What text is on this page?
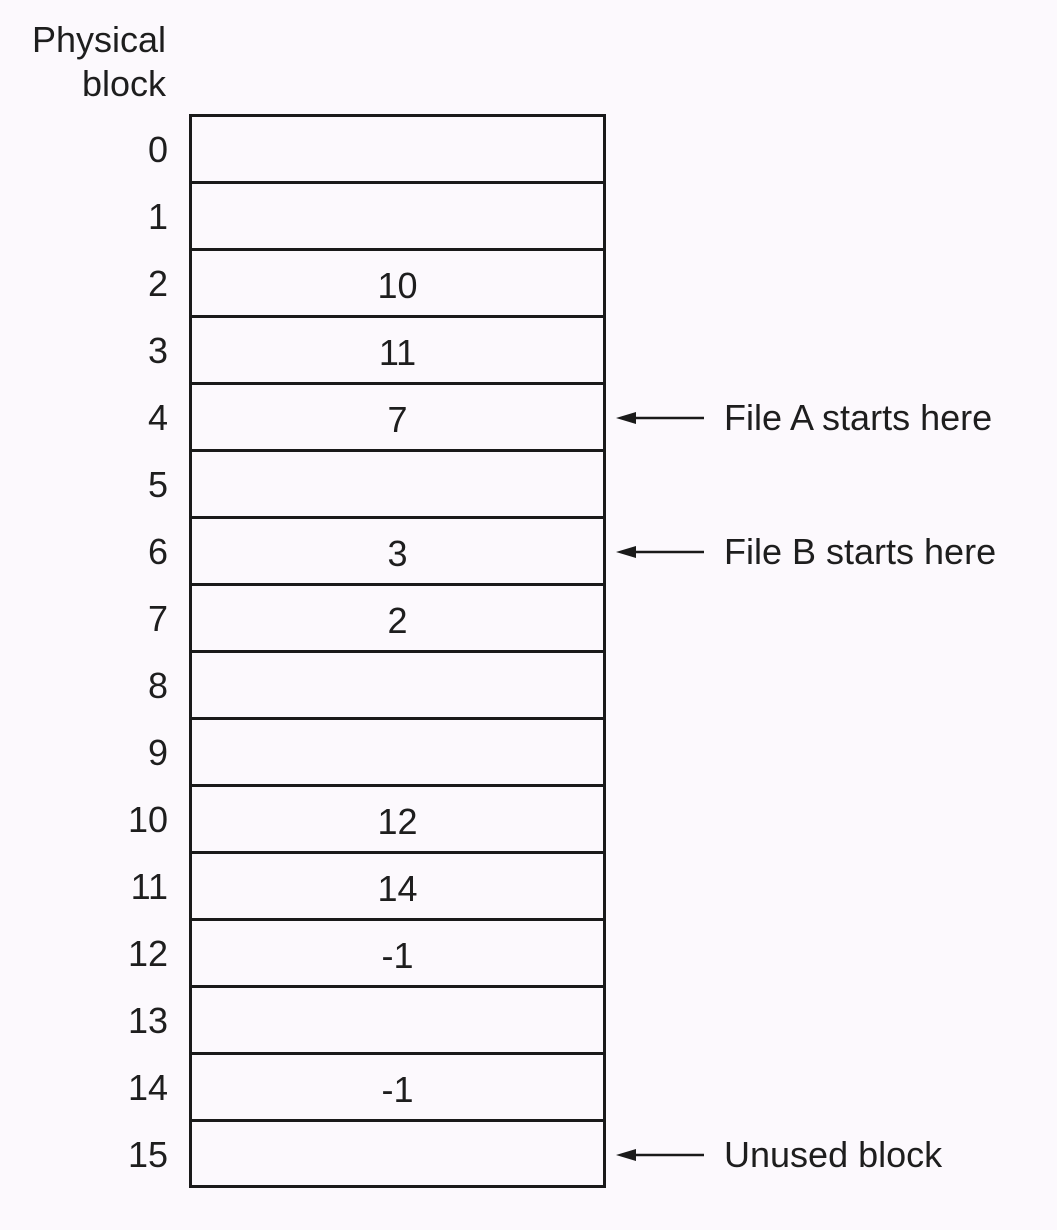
Physical
block
0
1
2
3
4
5
6
7
8
9
10
11
12
13
14
15
10
11
7
3
2
12
14
-1
-1
File A starts here
File B starts here
Unused block
